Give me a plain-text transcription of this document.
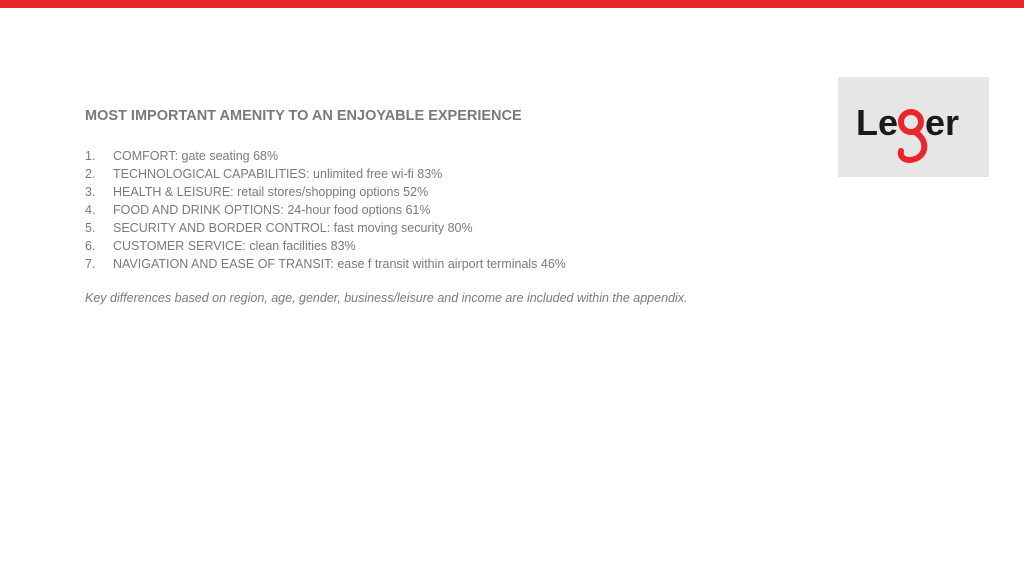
Le er
MOST IMPORTANT AMENITY TO AN ENJOYABLE EXPERIENCE
1. COMFORT: gate seating 68%
2. TECHNOLOGICAL CAPABILITIES: unlimited free wi-fi 83%
3. HEALTH & LEISURE: retail stores/shopping options 52%
4. FOOD AND DRINK OPTIONS: 24-hour food options 61%
5. SECURITY AND BORDER CONTROL: fast moving security 80%
6. CUSTOMER SERVICE: clean facilities 83%
7. NAVIGATION AND EASE OF TRANSIT: ease f transit within airport terminals 46%
Key differences based on region, age, gender, business/leisure and income are included within the appendix.
